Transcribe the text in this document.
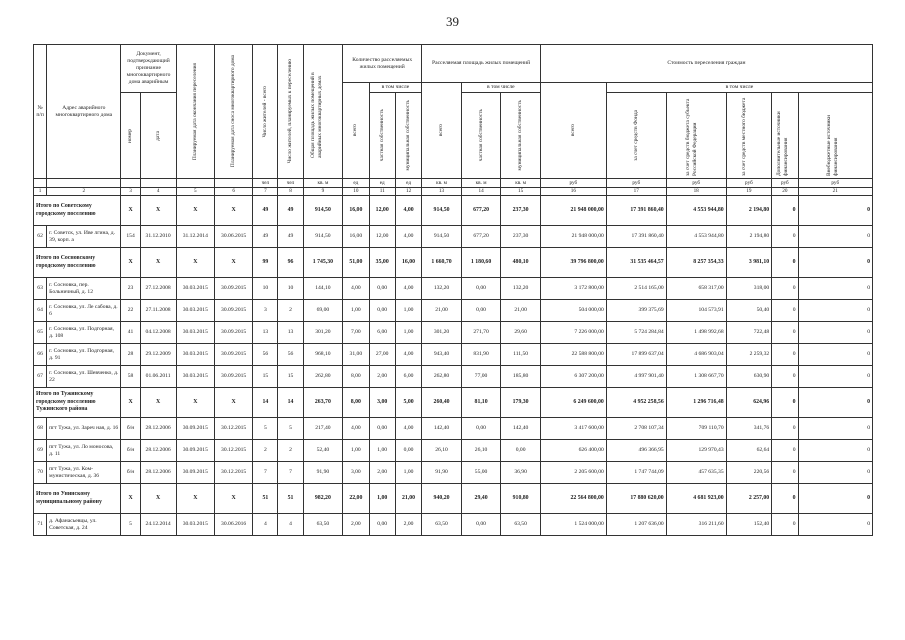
39
№ п/п	Адрес аварийного многоквартирного дома	Документ, подтверждающий признание многоквартирного дома аварийным		Планируемая дата окончания переселения	Планируемая дата сноса многоквартирного дома	Число жителей - всего	Число жителей, планируемых к переселению	Общая площадь жилых помещений в аварийных многоквартирных домах	Количество расселяемых жилых помещений			Расселяемая площадь жилых помещений			Стоимость переселения граждан					

									всего	в том числе		всего	в том числе		всего	в том числе				

		номер	дата							частная собственность	муниципальная собственность		частная собственность	муниципальная собственность		за счет средств Фонда	за счет средств бюджета субъекта Российской Федерации	за счет средств местного бюджета	Дополнительные источники финансирования	Внебюджетные источники финансирования

						чел	чел	кв. м	ед	ед	ед	кв. м	кв. м	кв. м	руб	руб	руб	руб	руб	руб
1	2	3	4	5	6	7	8	9	10	11	12	13	14	15	16	17	18	19	20	21
Итого по Советскому городскому поселению		X	X	X	X	49	49	914,50	16,00	12,00	4,00	914,50	677,20	237,30	21 948 000,00	17 391 860,40	4 553 944,80	2 194,80	0	0
62	г. Советск, ул. Иве лгина, д. 39, корп. а	154	31.12.2010	31.12.2014	30.06.2015	49	49	914,50	16,00	12,00	4,00	914,50	677,20	237,30	21 948 000,00	17 391 860,40	4 553 944,80	2 194,80	0	0
Итого по Сосновскому городскому поселению		X	X	X	X	99	96	1 745,30	51,00	35,00	16,00	1 660,70	1 180,60	480,10	39 796 800,00	31 535 464,57	8 257 354,33	3 981,10	0	0
63	г. Сосновка, пер. Больничный, д. 12	23	27.12.2008	30.03.2015	30.09.2015	10	10	144,10	4,00	0,00	4,00	132,20	0,00	132,20	3 172 800,00	2 514 165,00	658 317,00	318,00	0	0
64	г. Сосновка, ул. Ле сабова, д. 6	22	27.11.2008	30.03.2015	30.09.2015	3	2	69,00	1,00	0,00	1,00	21,00	0,00	21,00	504 000,00	399 375,69	104 573,91	50,40	0	0
65	г. Сосновка, ул. Подгорная, д. 108	41	04.12.2008	30.03.2015	30.09.2015	13	13	301,20	7,00	6,00	1,00	301,20	271,70	29,60	7 226 000,00	5 724 284,84	1 498 992,68	722,48	0	0
66	г. Сосновка, ул. Подгорная, д. 91	28	29.12.2009	30.03.2015	30.09.2015	56	56	968,10	31,00	27,00	4,00	943,40	831,90	111,50	22 588 800,00	17 899 637,04	4 686 903,04	2 259,32	0	0
67	г. Сосновка, ул. Шевченко, д. 22	58	01.06.2011	30.03.2015	30.09.2015	15	15	262,80	8,00	2,00	6,00	262,80	77,00	185,80	6 307 200,00	4 997 901,40	1 308 667,70	630,90	0	0
Итого по Тужинскому городскому поселению Тужинского района		X	X	X	X	14	14	263,70	8,00	3,00	5,00	260,40	81,10	179,30	6 249 600,00	4 952 258,56	1 296 716,48	624,96	0	0
68	пгт Тужа, ул. Зареч ная, д. 16	б/н	28.12.2006	30.09.2015	30.12.2015	5	5	217,40	4,00	0,00	4,00	142,40	0,00	142,40	3 417 600,00	2 708 107,34	709 110,70	341,76	0	0
69	пгт Тужа, ул. Ло моносова, д. 11	б/н	28.12.2006	30.09.2015	30.12.2015	2	2	52,40	1,00	1,00	0,00	26,10	26,10	0,00	626 400,00	496 366,95	129 970,43	62,64	0	0
70	пгт Тужа, ул. Ком мунистическая, д. 36	б/н	28.12.2006	30.09.2015	30.12.2015	7	7	91,90	3,00	2,00	1,00	91,90	55,00	36,90	2 205 600,00	1 747 744,09	457 635,35	220,56	0	0
Итого по Унинскому муниципальному району		X	X	X	X	51	51	982,20	22,00	1,00	21,00	940,20	29,40	910,80	22 564 800,00	17 880 620,00	4 681 923,00	2 257,00	0	0
71	д. Афанасьевцы, ул. Советская, д. 24	5	24.12.2014	30.03.2015	30.06.2016	4	4	63,50	2,00	0,00	2,00	63,50	0,00	63,50	1 524 000,00	1 207 636,00	316 211,60	152,40	0	0
